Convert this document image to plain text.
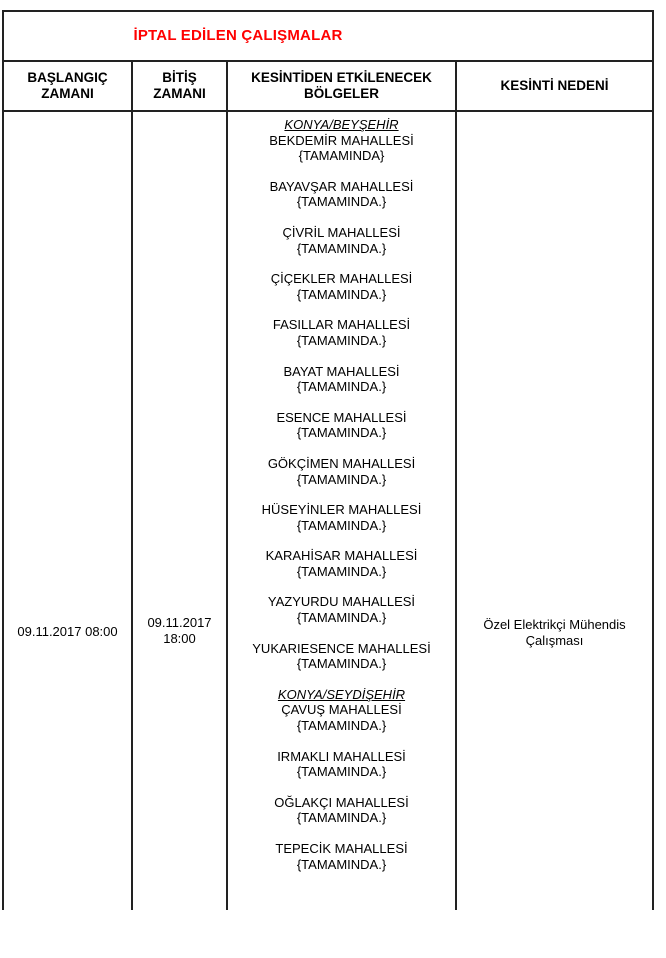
İPTAL EDİLEN ÇALIŞMALAR
BAŞLANGIÇ ZAMANI
BİTİŞ ZAMANI
KESİNTİDEN ETKİLENECEK BÖLGELER
KESİNTİ NEDENİ
09.11.2017 08:00
09.11.2017 18:00
KONYA/BEYŞEHİR
BEKDEMİR MAHALLESİ
{TAMAMINDA}
BAYAVŞAR MAHALLESİ
{TAMAMINDA.}
ÇİVRİL MAHALLESİ
{TAMAMINDA.}
ÇİÇEKLER MAHALLESİ
{TAMAMINDA.}
FASILLAR MAHALLESİ
{TAMAMINDA.}
BAYAT MAHALLESİ
{TAMAMINDA.}
ESENCE MAHALLESİ
{TAMAMINDA.}
GÖKÇİMEN MAHALLESİ
{TAMAMINDA.}
HÜSEYİNLER MAHALLESİ
{TAMAMINDA.}
KARAHİSAR MAHALLESİ
{TAMAMINDA.}
YAZYURDU MAHALLESİ
{TAMAMINDA.}
YUKARIESENCE MAHALLESİ
{TAMAMINDA.}
KONYA/SEYDİŞEHİR
ÇAVUŞ MAHALLESİ
{TAMAMINDA.}
IRMAKLI MAHALLESİ
{TAMAMINDA.}
OĞLAKÇI MAHALLESİ
{TAMAMINDA.}
TEPECİK MAHALLESİ
{TAMAMINDA.}
Özel Elektrikçi Mühendis Çalışması
